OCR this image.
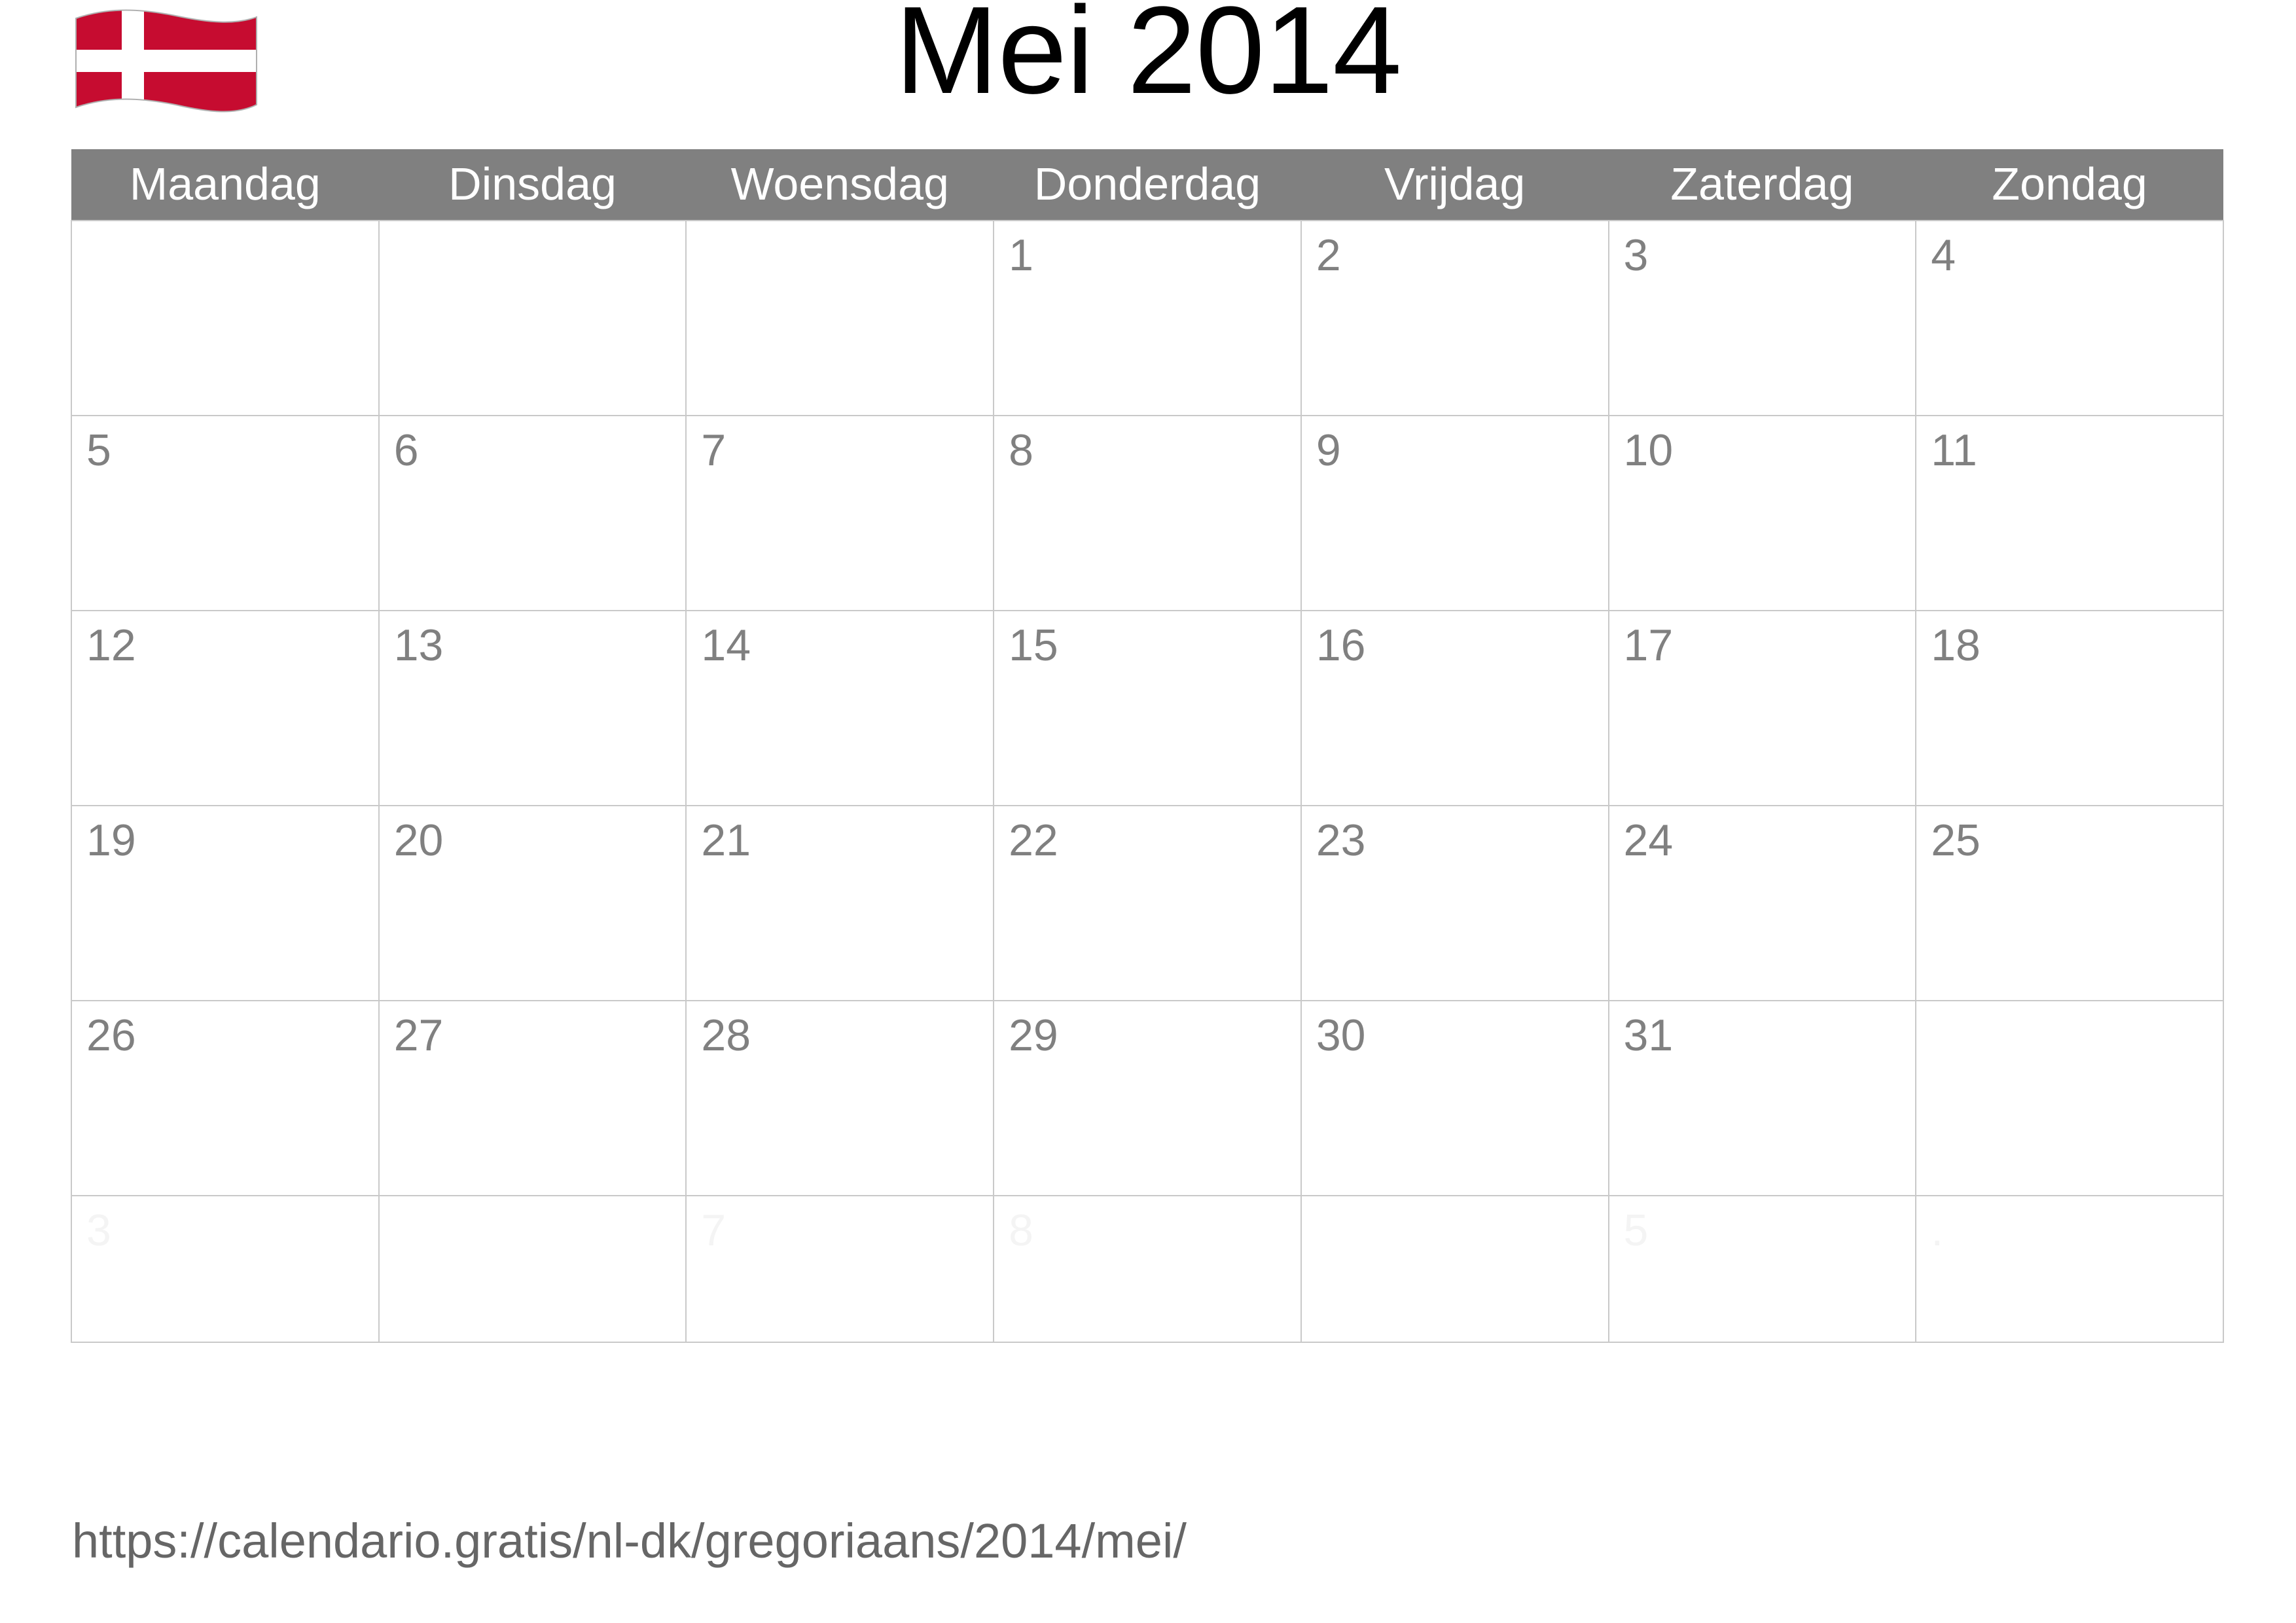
Mei 2014
Maandag	Dinsdag	Woensdag	Donderdag	Vrijdag	Zaterdag	Zondag

			1	2	3	4

5	6	7	8	9	10	11

12	13	14	15	16	17	18

19	20	21	22	23	24	25

26	27	28	29	30	31	

3		7	8		5	.
https://calendario.gratis/nl-dk/gregoriaans/2014/mei/
